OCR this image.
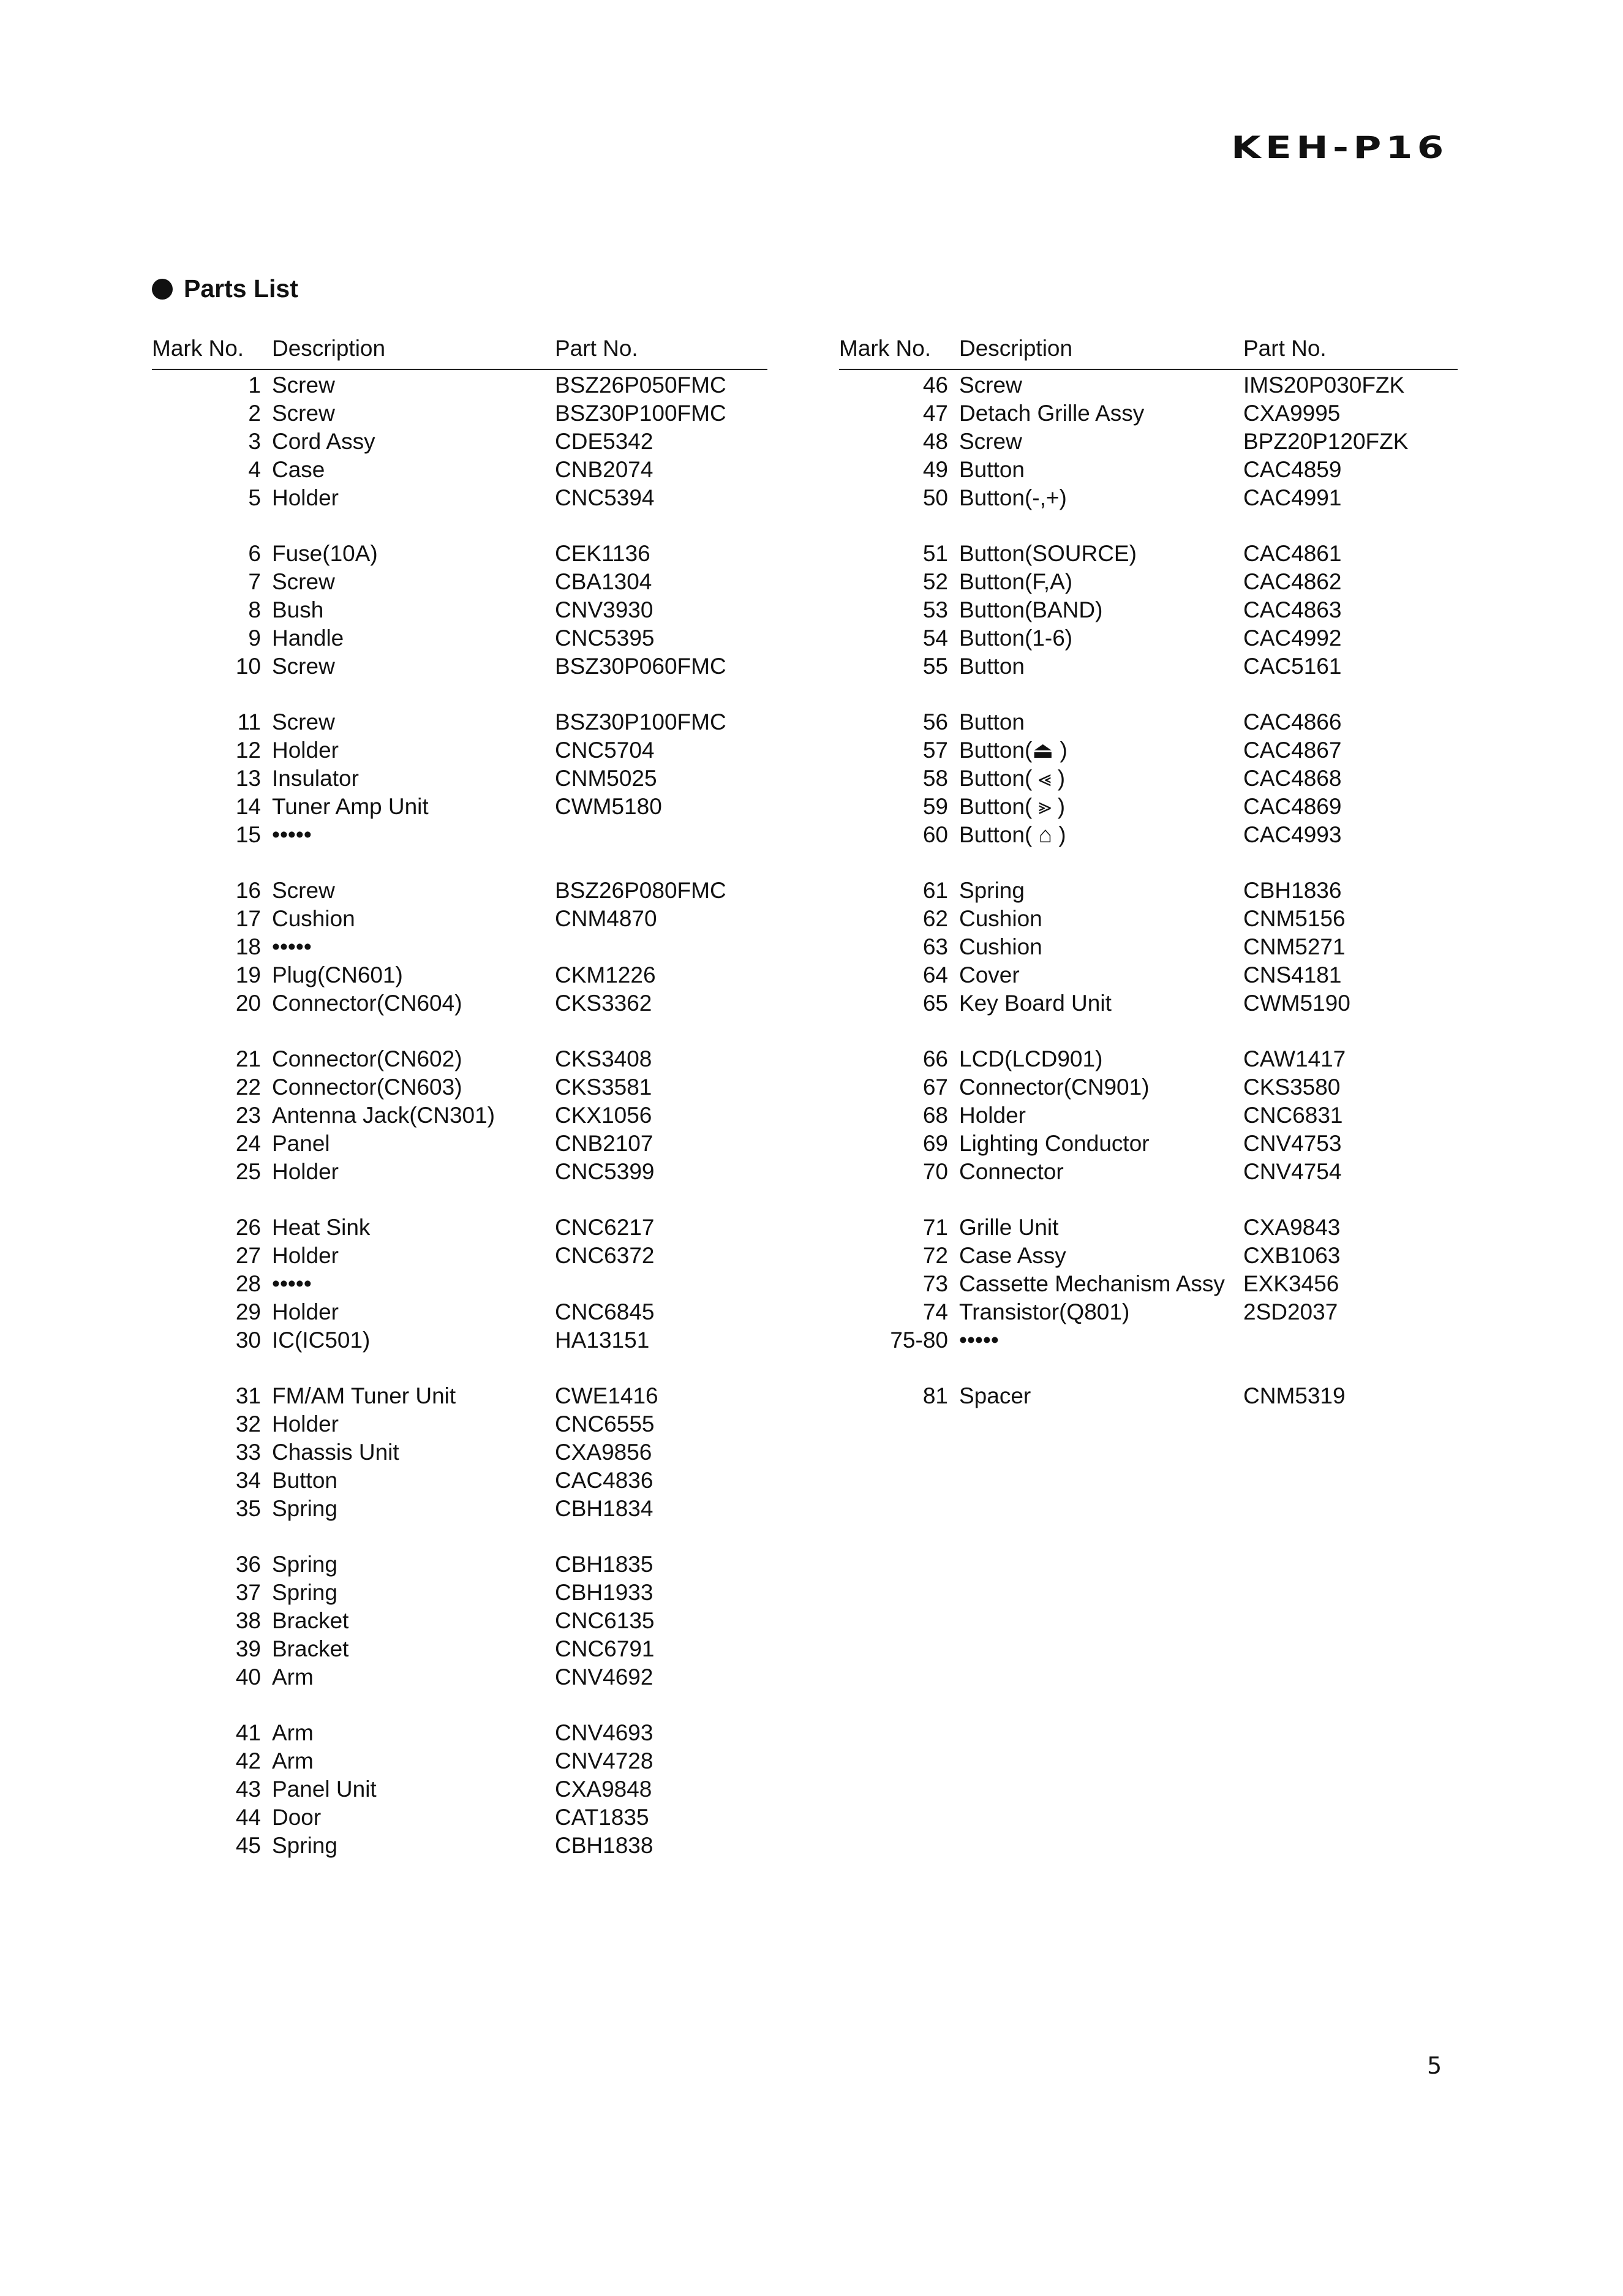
KEH-P16
Parts List
Mark No. Description	Part No.
1 Screw	BSZ26P050FMC
2 Screw	BSZ30P100FMC
3 Cord Assy	CDE5342
4 Case	CNB2074
5 Holder	CNC5394
6 Fuse(10A)	CEK1136
7 Screw	CBA1304
8 Bush	CNV3930
9 Handle	CNC5395
10 Screw	BSZ30P060FMC
11 Screw	BSZ30P100FMC
12 Holder	CNC5704
13 Insulator	CNM5025
14 Tuner Amp Unit	CWM5180
15 •••••
16 Screw	BSZ26P080FMC
17 Cushion	CNM4870
18 •••••
19 Plug(CN601)	CKM1226
20 Connector(CN604)	CKS3362
21 Connector(CN602)	CKS3408
22 Connector(CN603)	CKS3581
23 Antenna Jack(CN301)	CKX1056
24 Panel	CNB2107
25 Holder	CNC5399
26 Heat Sink	CNC6217
27 Holder	CNC6372
28 •••••
29 Holder	CNC6845
30 IC(IC501)	HA13151
31 FM/AM Tuner Unit	CWE1416
32 Holder	CNC6555
33 Chassis Unit	CXA9856
34 Button	CAC4836
35 Spring	CBH1834
36 Spring	CBH1835
37 Spring	CBH1933
38 Bracket	CNC6135
39 Bracket	CNC6791
40 Arm	CNV4692
41 Arm	CNV4693
42 Arm	CNV4728
43 Panel Unit	CXA9848
44 Door	CAT1835
45 Spring	CBH1838
Mark No. Description	Part No.
46 Screw	IMS20P030FZK
47 Detach Grille Assy	CXA9995
48 Screw	BPZ20P120FZK
49 Button	CAC4859
50 Button(-,+)	CAC4991
51 Button(SOURCE)	CAC4861
52 Button(F,A)	CAC4862
53 Button(BAND)	CAC4863
54 Button(1-6)	CAC4992
55 Button	CAC5161
56 Button	CAC4866
57 Button(⏏ )	CAC4867
58 Button( ⪡ )	CAC4868
59 Button( ⪢ )	CAC4869
60 Button( ⌂ )	CAC4993
61 Spring	CBH1836
62 Cushion	CNM5156
63 Cushion	CNM5271
64 Cover	CNS4181
65 Key Board Unit	CWM5190
66 LCD(LCD901)	CAW1417
67 Connector(CN901)	CKS3580
68 Holder	CNC6831
69 Lighting Conductor	CNV4753
70 Connector	CNV4754
71 Grille Unit	CXA9843
72 Case Assy	CXB1063
73 Cassette Mechanism Assy EXK3456
74 Transistor(Q801)	2SD2037
75-80 •••••
81 Spacer	CNM5319
5
